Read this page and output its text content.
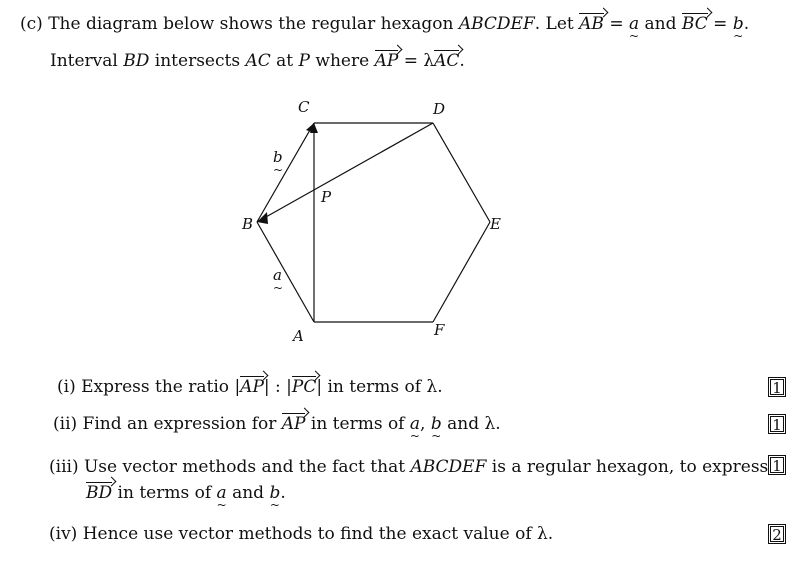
(c) The diagram below shows the regular hexagon ABCDEF. Let AB = a ~ and BC = b ~.
Interval BD intersects AC at P where AP = λAC.
C	D
E
F
A
B
P
b
~
a
~
(i) Express the ratio |AP| : |PC| in terms of λ.	1
(ii) Find an expression for AP in terms of a ~, b ~ and λ.	1
(iii) Use vector methods and the fact that ABCDEF is a regular hexagon, to express
BD in terms of a ~ and b ~.
1
(iv) Hence use vector methods to find the exact value of λ.	2
